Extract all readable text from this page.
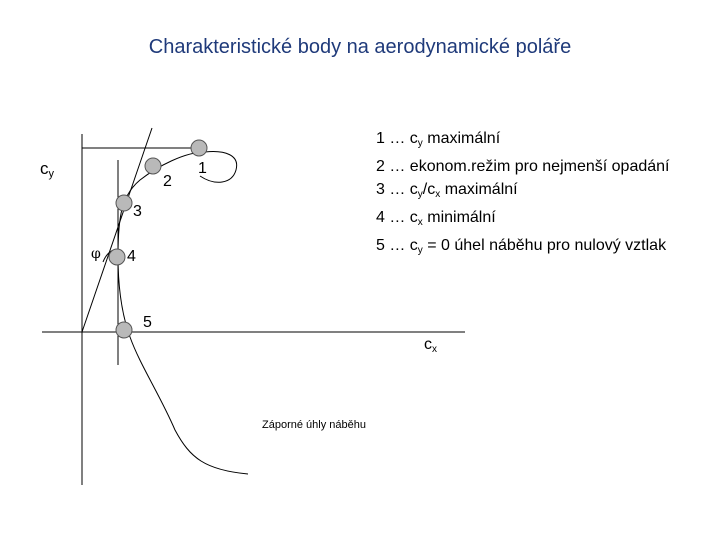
Charakteristické body na aerodynamické poláře
1
2
3
4
5
cy
cx
φ
Záporné úhly náběhu
1 … $c_y$ maximální
2 … ekonom.režim pro nejmenší opadání
3 … $c_y/c_x$ maximální
4 … $c_x$ minimální
5 … $c_y = 0$ úhel náběhu pro nulový vztlak
